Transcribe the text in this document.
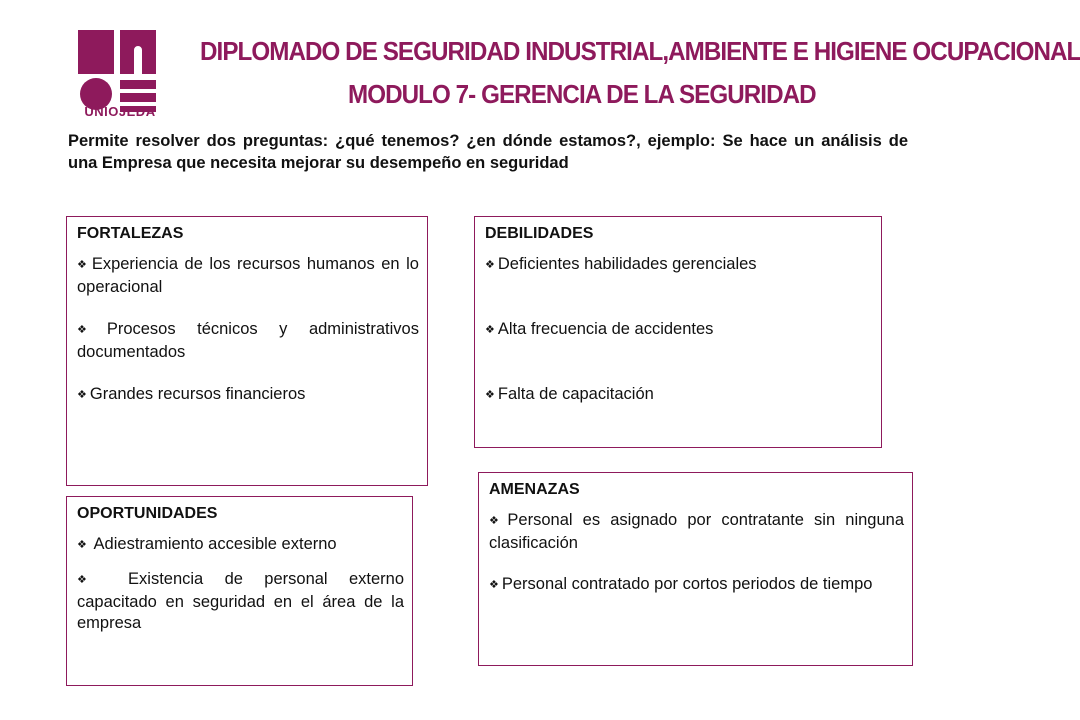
UNIOJEDA
DIPLOMADO DE SEGURIDAD INDUSTRIAL,AMBIENTE E HIGIENE OCUPACIONAL
MODULO 7- GERENCIA DE LA SEGURIDAD
Permite resolver dos preguntas: ¿qué tenemos? ¿en dónde estamos?, ejemplo: Se hace un análisis de una Empresa que necesita mejorar su desempeño en seguridad
FORTALEZAS

❖ Experiencia de los recursos humanos en lo operacional

❖ Procesos técnicos y administrativos documentados

❖ Grandes recursos financieros

DEBILIDADES

❖ Deficientes habilidades gerenciales

❖ Alta frecuencia de accidentes

❖ Falta de capacitación

OPORTUNIDADES

❖ Adiestramiento accesible externo

❖ Existencia de personal externo capacitado en seguridad en el área de la empresa

AMENAZAS

❖ Personal es asignado por contratante sin ninguna clasificación

❖ Personal contratado por cortos periodos de tiempo
